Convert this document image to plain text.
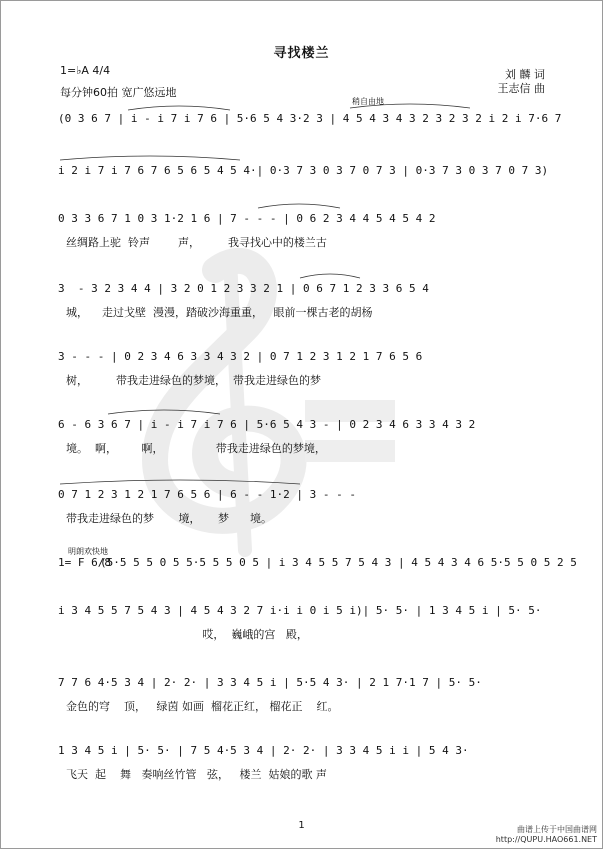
寻找楼兰
1=♭A 4/4
每分钟60拍 宽广悠远地
刘 麟 词
王志信 曲
稍自由地
明朗欢快地
(0 3 6 7 | i - i 7 i 7 6 | 5·6 5 4 3·2 3 | 4 5 4 3 4 3 2 3 2 3 2 i 2 i 7·6 7
i 2 i 7 i 7 6 7 6 5 6 5 4 5 4·| 0·3 7 3 0 3 7 0 7 3 | 0·3 7 3 0 3 7 0 7 3)
0 3 3 6 7 1 0 3 1·2 1 6 | 7 - - - | 0 6 2 3 4 4 5 4 5 4 2
丝绸路上驼  铃声        声，        我寻找心中的楼兰古
3  - 3 2 3 4 4 | 3 2 0 1 2 3 3 2 1 | 0 6 7 1 2 3 3 6 5 4
城，    走过戈壁  漫漫，踏破沙海重重，   眼前一棵古老的胡杨
3 - - - | 0 2 3 4 6 3 3 4 3 2 | 0 7 1 2 3 1 2 1 7 6 5 6
树，        带我走进绿色的梦境，  带我走进绿色的梦
6 - 6 3 6 7 | i - i 7 i 7 6 | 5·6 5 4 3 - | 0 2 3 4 6 3 3 4 3 2
境。  啊，       啊，               带我走进绿色的梦境，
0 7 1 2 3 1 2 1 7 6 5 6 | 6 - - 1·2 | 3 - - -
带我走进绿色的梦       境，     梦      境。
(5·5 5 5 0 5 5·5 5 5 0 5 | i 3 4 5 5 7 5 4 3 | 4 5 4 3 4 6 5·5 5 0 5 2 5
i 3 4 5 5 7 5 4 3 | 4 5 4 3 2 7 i·i i 0 i 5 i)| 5· 5· | 1 3 4 5 i | 5· 5·
哎，  巍峨的宫   殿，
7 7 6 4·5 3 4 | 2· 2· | 3 3 4 5 i | 5·5 4 3· | 2 1 7·1 7 | 5· 5·
金色的穹    顶，   绿茵 如画  榴花正红， 榴花正    红。
1 3 4 5 i | 5· 5· | 7 5 4·5 3 4 | 2· 2· | 3 3 4 5 i i | 5 4 3·
飞天  起    舞   奏响丝竹管   弦，   楼兰  姑娘的歌 声
1= F 6/8
1	曲谱上传于中国曲谱网
http://QUPU.HAO661.NET
